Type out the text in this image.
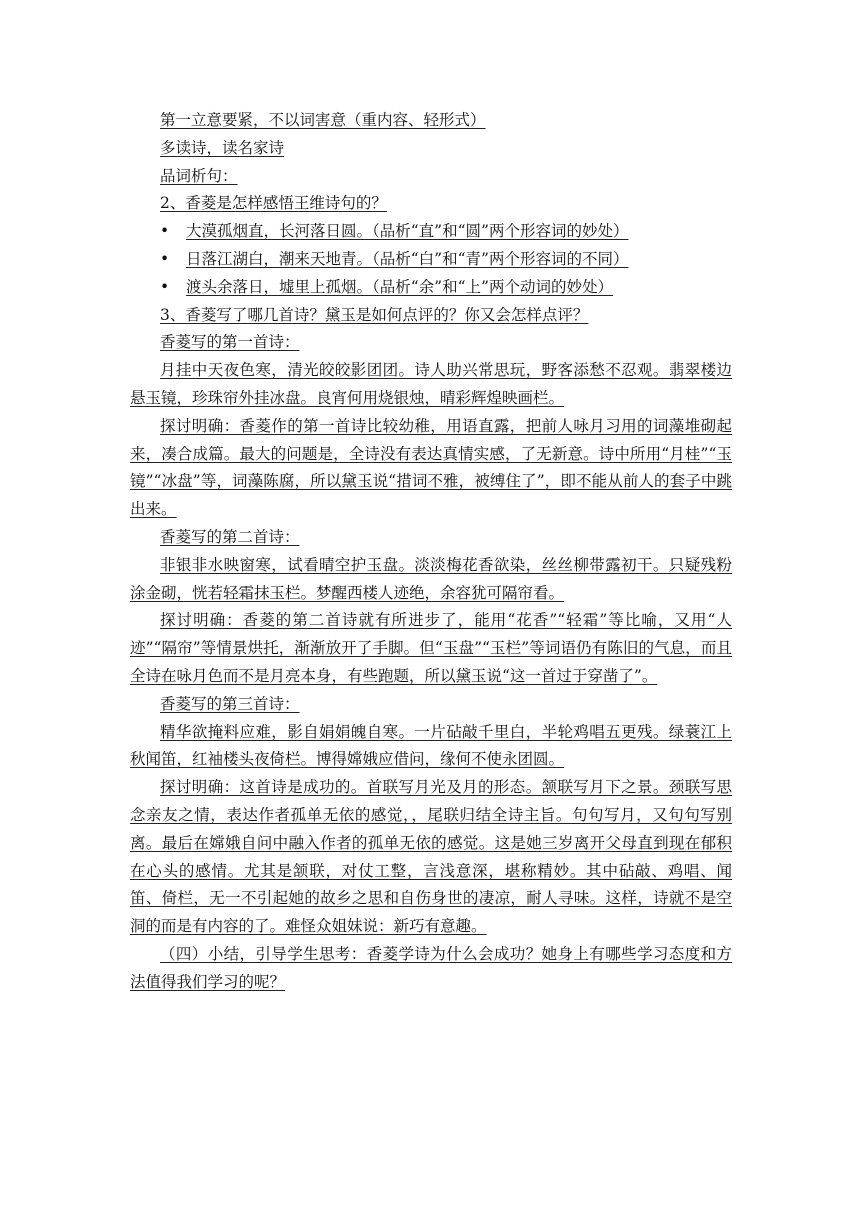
第一立意要紧，不以词害意（重内容、轻形式）
多读诗，读名家诗
品词析句：
2、香菱是怎样感悟王维诗句的？
• 大漠孤烟直，长河落日圆。（品析“直”和“圆”两个形容词的妙处）
• 日落江湖白，潮来天地青。（品析“白”和“青”两个形容词的不同）
• 渡头余落日，墟里上孤烟。（品析“余”和“上”两个动词的妙处）
3、香菱写了哪几首诗？黛玉是如何点评的？你又会怎样点评？
香菱写的第一首诗：
月挂中天夜色寒，清光皎皎影团团。诗人助兴常思玩，野客添愁不忍观。翡翠楼边悬玉镜，珍珠帘外挂冰盘。良宵何用烧银烛，晴彩辉煌映画栏。
探讨明确：香菱作的第一首诗比较幼稚，用语直露，把前人咏月习用的词藻堆砌起来，凑合成篇。最大的问题是，全诗没有表达真情实感，了无新意。诗中所用“月桂”“玉镜”“冰盘”等，词藻陈腐，所以黛玉说“措词不雅，被缚住了”，即不能从前人的套子中跳出来。
香菱写的第二首诗：
非银非水映窗寒，试看晴空护玉盘。淡淡梅花香欲染，丝丝柳带露初干。只疑残粉涂金砌，恍若轻霜抹玉栏。梦醒西楼人迹绝，余容犹可隔帘看。
探讨明确：香菱的第二首诗就有所进步了，能用“花香”“轻霜”等比喻，又用“人迹”“隔帘”等情景烘托，渐渐放开了手脚。但“玉盘”“玉栏”等词语仍有陈旧的气息，而且全诗在咏月色而不是月亮本身，有些跑题，所以黛玉说“这一首过于穿凿了”。
香菱写的第三首诗：
精华欲掩料应难，影自娟娟魄自寒。一片砧敲千里白，半轮鸡唱五更残。绿蓑江上秋闻笛，红袖楼头夜倚栏。博得嫦娥应借问，缘何不使永团圆。
探讨明确：这首诗是成功的。首联写月光及月的形态。颔联写月下之景。颈联写思念亲友之情，表达作者孤单无依的感觉，，尾联归结全诗主旨。句句写月，又句句写别离。最后在嫦娥自问中融入作者的孤单无依的感觉。这是她三岁离开父母直到现在郁积在心头的感情。尤其是颔联，对仗工整，言浅意深，堪称精妙。其中砧敲、鸡唱、闻笛、倚栏，无一不引起她的故乡之思和自伤身世的凄凉，耐人寻味。这样，诗就不是空洞的而是有内容的了。难怪众姐妹说：新巧有意趣。
（四）小结，引导学生思考：香菱学诗为什么会成功？她身上有哪些学习态度和方法值得我们学习的呢？
